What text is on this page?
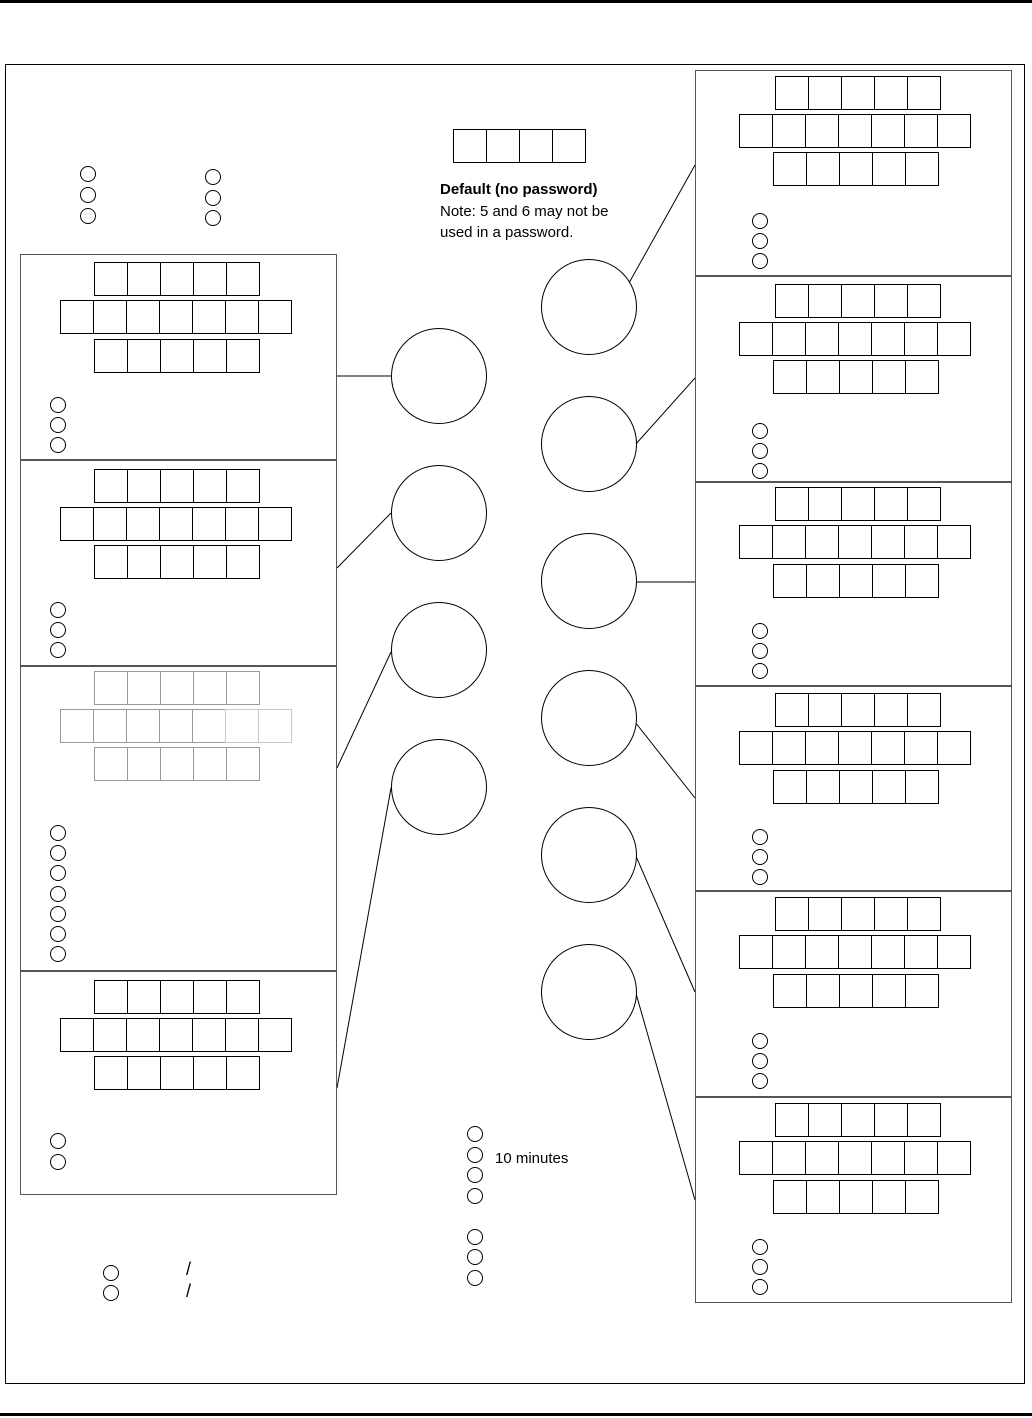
Default (no password)
Note: 5 and 6 may not be
used in a password.
10 minutes
/
/
